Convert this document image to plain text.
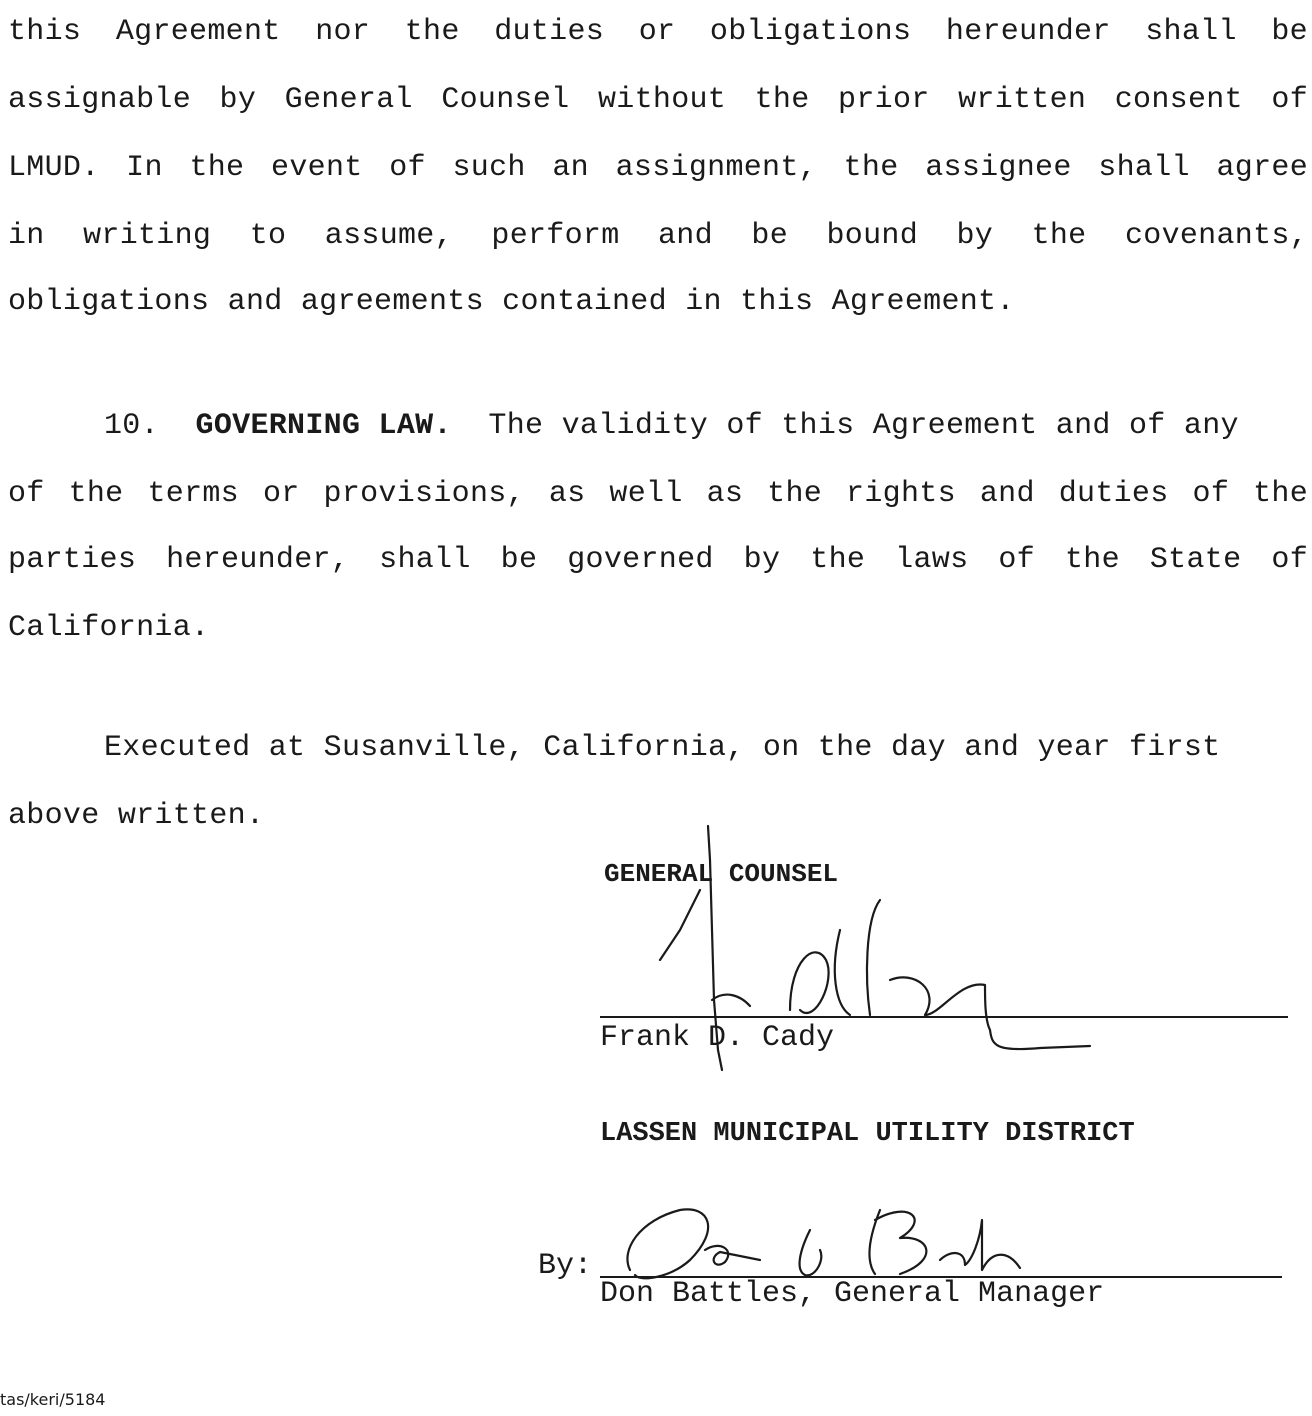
this Agreement nor the duties or obligations hereunder shall be
assignable by General Counsel without the prior written consent of
LMUD. In the event of such an assignment, the assignee shall agree
in writing to assume, perform and be bound by the covenants,
obligations and agreements contained in this Agreement.
10. GOVERNING LAW. The validity of this Agreement and of any
of the terms or provisions, as well as the rights and duties of the
parties hereunder, shall be governed by the laws of the State of
California.
Executed at Susanville, California, on the day and year first
above written.
GENERAL COUNSEL
Frank D. Cady
LASSEN MUNICIPAL UTILITY DISTRICT
By:
Don Battles, General Manager
tas/keri/5184
